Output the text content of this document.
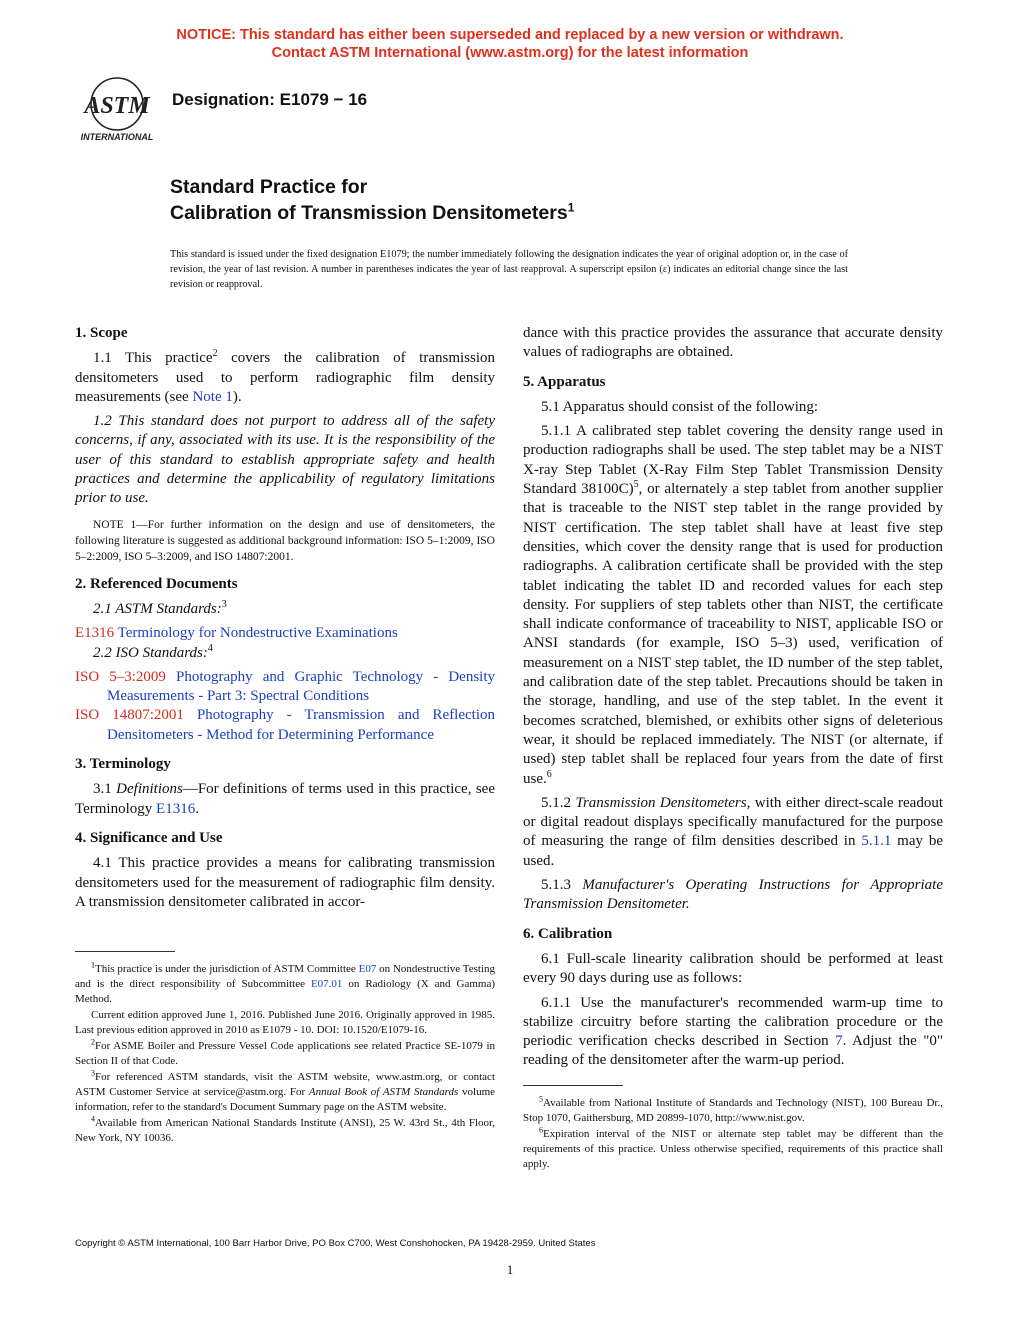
NOTICE: This standard has either been superseded and replaced by a new version or withdrawn.
Contact ASTM International (www.astm.org) for the latest information
ASTM
INTERNATIONAL
Designation: E1079 − 16
Standard Practice for
Calibration of Transmission Densitometers$^1$
This standard is issued under the fixed designation E1079; the number immediately following the designation indicates the year of original adoption or, in the case of revision, the year of last revision. A number in parentheses indicates the year of last reapproval. A superscript epsilon (ε) indicates an editorial change since the last revision or reapproval.
1. Scope

1.1 This practice$^2$ covers the calibration of transmission densitometers used to perform radiographic film density measurements (see Note 1).

1.2 This standard does not purport to address all of the safety concerns, if any, associated with its use. It is the responsibility of the user of this standard to establish appropriate safety and health practices and determine the applicability of regulatory limitations prior to use.

NOTE 1—For further information on the design and use of densitometers, the following literature is suggested as additional background information: ISO 5–1:2009, ISO 5–2:2009, ISO 5–3:2009, and ISO 14807:2001.

2. Referenced Documents

2.1 ASTM Standards:$^3$

E1316 Terminology for Nondestructive Examinations

2.2 ISO Standards:$^4$

ISO 5–3:2009 Photography and Graphic Technology - Density Measurements - Part 3: Spectral Conditions

ISO 14807:2001 Photography - Transmission and Reflection Densitometers - Method for Determining Performance

3. Terminology

3.1 Definitions—For definitions of terms used in this practice, see Terminology E1316.

4. Significance and Use

4.1 This practice provides a means for calibrating transmission densitometers used for the measurement of radiographic film density. A transmission densitometer calibrated in accor-

dance with this practice provides the assurance that accurate density values of radiographs are obtained.

5. Apparatus

5.1 Apparatus should consist of the following:

5.1.1 A calibrated step tablet covering the density range used in production radiographs shall be used. The step tablet may be a NIST X-ray Step Tablet (X-Ray Film Step Tablet Transmission Density Standard 38100C)$^5$, or alternately a step tablet from another supplier that is traceable to the NIST step tablet in the range provided by NIST certification. The step tablet shall have at least five step densities, which cover the density range that is used for production radiographs. A calibration certificate shall be provided with the step tablet indicating the tablet ID and recorded values for each step density. For suppliers of step tablets other than NIST, the certificate shall indicate conformance of traceability to NIST, applicable ISO or ANSI standards (for example, ISO 5–3) used, verification of measurement on a NIST step tablet, the ID number of the step tablet, and calibration date of the step tablet. Precautions should be taken in the storage, handling, and use of the step tablet. In the event it becomes scratched, blemished, or exhibits other signs of deleterious wear, it should be replaced immediately. The NIST (or alternate, if used) step tablet shall be replaced four years from the date of first use.$^6$

5.1.2 Transmission Densitometers, with either direct-scale readout or digital readout displays specifically manufactured for the purpose of measuring the range of film densities described in 5.1.1 may be used.

5.1.3 Manufacturer's Operating Instructions for Appropriate Transmission Densitometer.

6. Calibration

6.1 Full-scale linearity calibration should be performed at least every 90 days during use as follows:

6.1.1 Use the manufacturer's recommended warm-up time to stabilize circuitry before starting the calibration procedure or the periodic verification checks described in Section 7. Adjust the "0" reading of the densitometer after the warm-up period.

$^1$This practice is under the jurisdiction of ASTM Committee E07 on Nondestructive Testing and is the direct responsibility of Subcommittee E07.01 on Radiology (X and Gamma) Method.

Current edition approved June 1, 2016. Published June 2016. Originally approved in 1985. Last previous edition approved in 2010 as E1079 - 10. DOI: 10.1520/E1079-16.

$^2$For ASME Boiler and Pressure Vessel Code applications see related Practice SE-1079 in Section II of that Code.

$^3$For referenced ASTM standards, visit the ASTM website, www.astm.org, or contact ASTM Customer Service at service@astm.org. For Annual Book of ASTM Standards volume information, refer to the standard's Document Summary page on the ASTM website.

$^4$Available from American National Standards Institute (ANSI), 25 W. 43rd St., 4th Floor, New York, NY 10036.

$^5$Available from National Institute of Standards and Technology (NIST), 100 Bureau Dr., Stop 1070, Gaithersburg, MD 20899-1070, http://www.nist.gov.

$^6$Expiration interval of the NIST or alternate step tablet may be different than the requirements of this practice. Unless otherwise specified, requirements of this practice shall apply.

Copyright © ASTM International, 100 Barr Harbor Drive, PO Box C700, West Conshohocken, PA 19428-2959. United States
1
